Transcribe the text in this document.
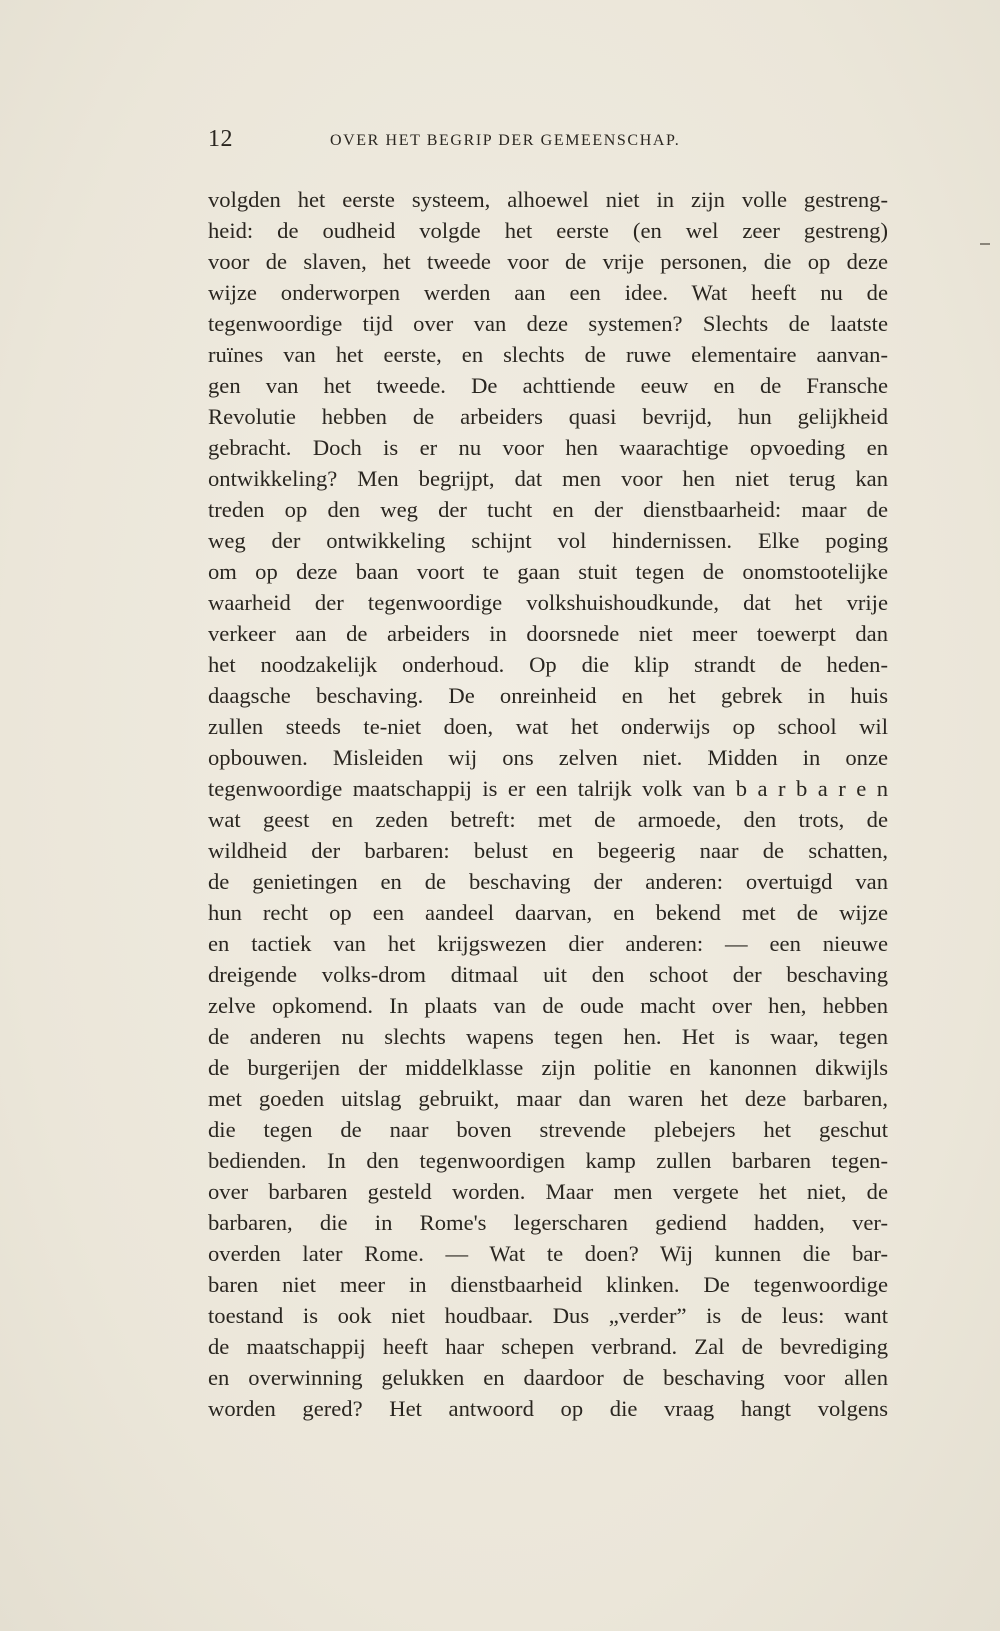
12	OVER HET BEGRIP DER GEMEENSCHAP.
volgden het eerste systeem, alhoewel niet in zijn volle gestreng-
heid: de oudheid volgde het eerste (en wel zeer gestreng)
voor de slaven, het tweede voor de vrije personen, die op deze
wijze onderworpen werden aan een idee. Wat heeft nu de
tegenwoordige tijd over van deze systemen? Slechts de laatste
ruïnes van het eerste, en slechts de ruwe elementaire aanvan-
gen van het tweede. De achttiende eeuw en de Fransche
Revolutie hebben de arbeiders quasi bevrijd, hun gelijkheid
gebracht. Doch is er nu voor hen waarachtige opvoeding en
ontwikkeling? Men begrijpt, dat men voor hen niet terug kan
treden op den weg der tucht en der dienstbaarheid: maar de
weg der ontwikkeling schijnt vol hindernissen. Elke poging
om op deze baan voort te gaan stuit tegen de onomstootelijke
waarheid der tegenwoordige volkshuishoudkunde, dat het vrije
verkeer aan de arbeiders in doorsnede niet meer toewerpt dan
het noodzakelijk onderhoud. Op die klip strandt de heden-
daagsche beschaving. De onreinheid en het gebrek in huis
zullen steeds te-niet doen, wat het onderwijs op school wil
opbouwen. Misleiden wij ons zelven niet. Midden in onze
tegenwoordige maatschappij is er een talrijk volk van b a r b a r e n
wat geest en zeden betreft: met de armoede, den trots, de
wildheid der barbaren: belust en begeerig naar de schatten,
de genietingen en de beschaving der anderen: overtuigd van
hun recht op een aandeel daarvan, en bekend met de wijze
en tactiek van het krijgswezen dier anderen: — een nieuwe
dreigende volks-drom ditmaal uit den schoot der beschaving
zelve opkomend. In plaats van de oude macht over hen, hebben
de anderen nu slechts wapens tegen hen. Het is waar, tegen
de burgerijen der middelklasse zijn politie en kanonnen dikwijls
met goeden uitslag gebruikt, maar dan waren het deze barbaren,
die tegen de naar boven strevende plebejers het geschut
bedienden. In den tegenwoordigen kamp zullen barbaren tegen-
over barbaren gesteld worden. Maar men vergete het niet, de
barbaren, die in Rome's legerscharen gediend hadden, ver-
overden later Rome. — Wat te doen? Wij kunnen die bar-
baren niet meer in dienstbaarheid klinken. De tegenwoordige
toestand is ook niet houdbaar. Dus „verder” is de leus: want
de maatschappij heeft haar schepen verbrand. Zal de bevrediging
en overwinning gelukken en daardoor de beschaving voor allen
worden gered? Het antwoord op die vraag hangt volgens
